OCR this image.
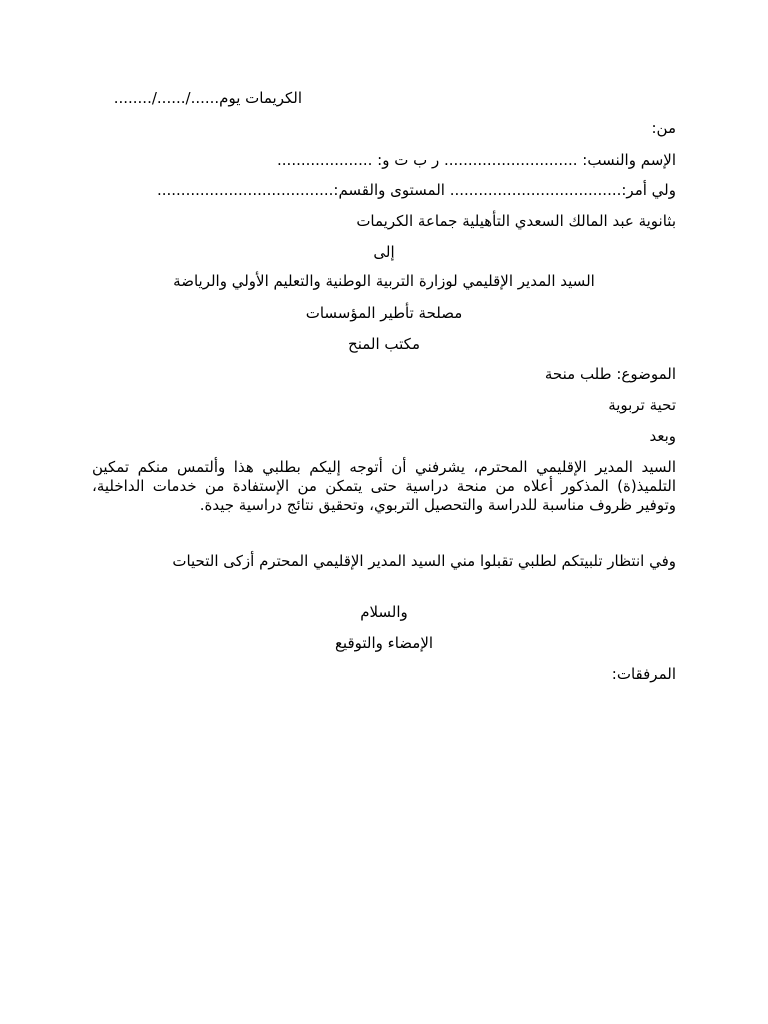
الكريمات يوم....../....../........
من:
الإسم والنسب: ............................ ر ب ت و: ....................
ولي أمر:.................................... المستوى والقسم:.....................................
بثانوية عبد المالك السعدي التأهيلية جماعة الكريمات
إلى
السيد المدير الإقليمي لوزارة التربية الوطنية والتعليم الأولي والرياضة
مصلحة تأطير المؤسسات
مكتب المنح
الموضوع: طلب منحة
تحية تربوية
وبعد
السيد المدير الإقليمي المحترم، يشرفني أن أتوجه إليكم بطلبي هذا وألتمس منكم تمكين التلميذ(ة) المذكور أعلاه من منحة دراسية حتى يتمكن من الإستفادة من خدمات الداخلية، وتوفير ظروف مناسبة للدراسة والتحصيل التربوي، وتحقيق نتائج دراسية جيدة.
وفي انتظار تلبيتكم لطلبي تقبلوا مني السيد المدير الإقليمي المحترم أزكى التحيات
والسلام
الإمضاء والتوقيع
المرفقات:
